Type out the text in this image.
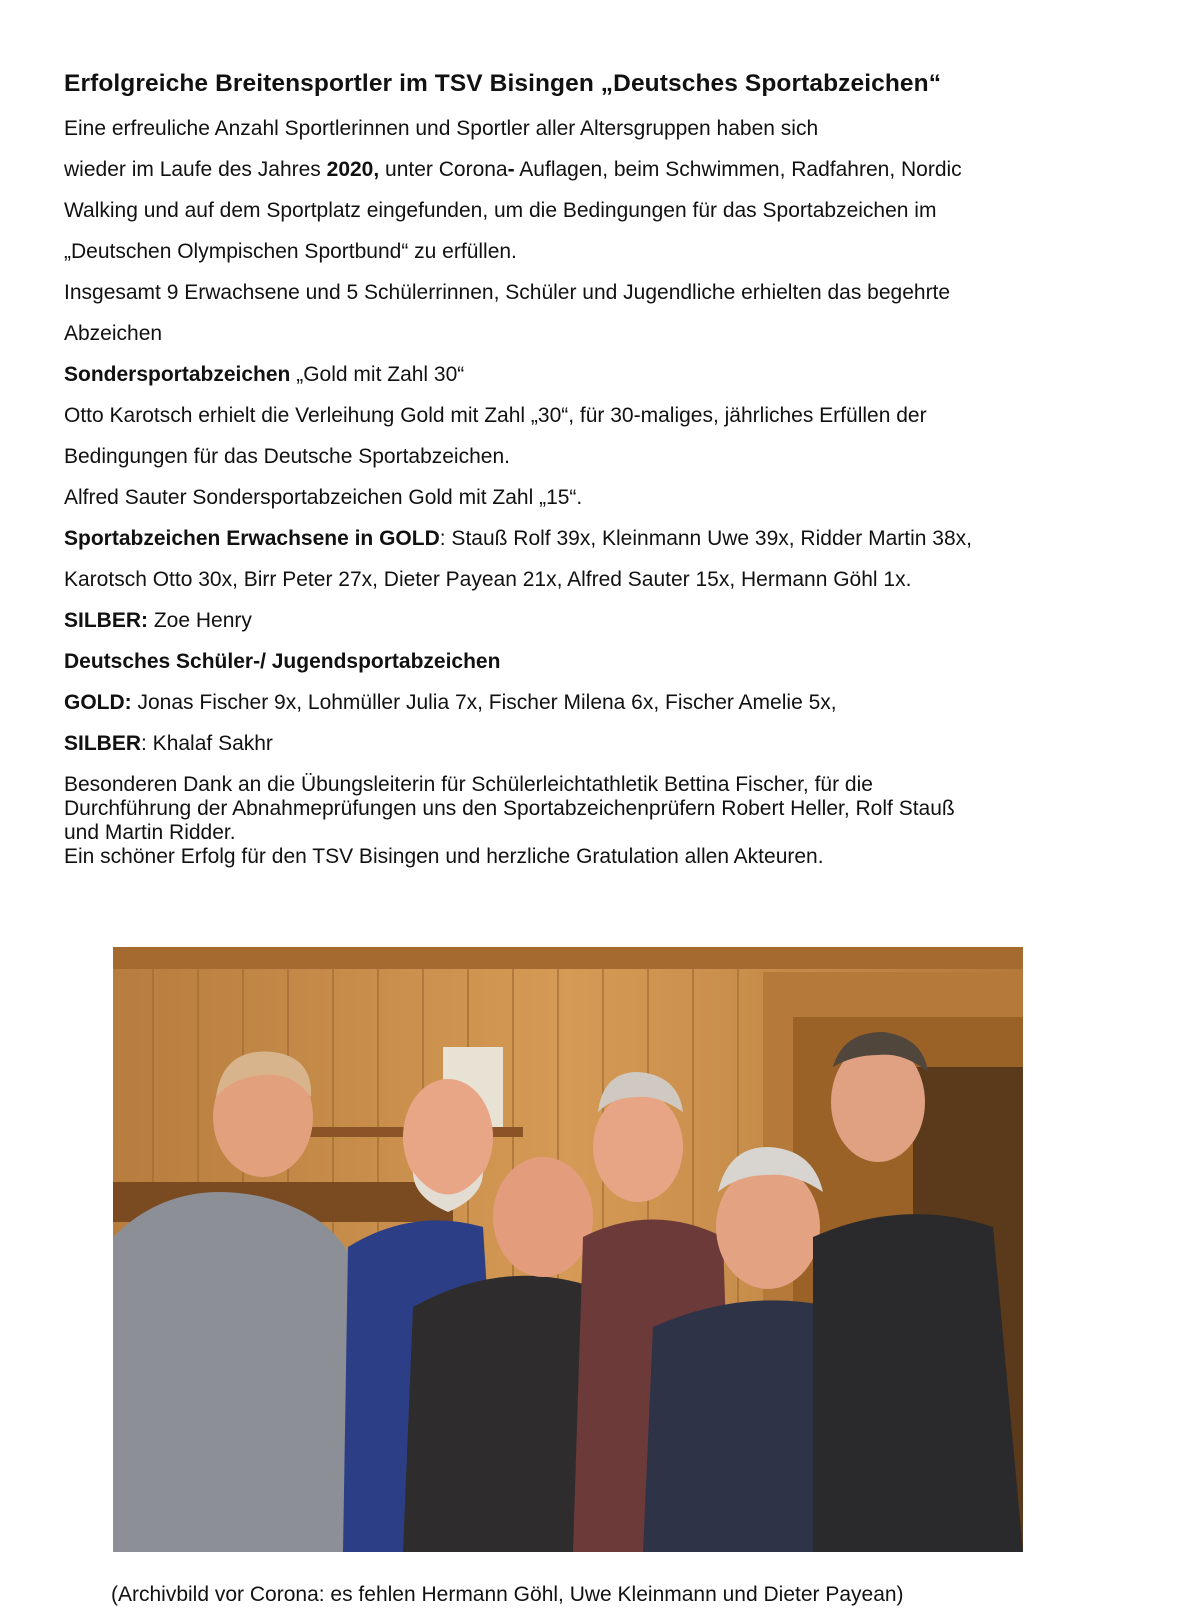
Erfolgreiche Breitensportler im TSV Bisingen „Deutsches Sportabzeichen“
Eine erfreuliche Anzahl Sportlerinnen und Sportler aller Altersgruppen haben sich
wieder im Laufe des Jahres 2020, unter Corona- Auflagen, beim Schwimmen, Radfahren, Nordic
Walking und auf dem Sportplatz eingefunden, um die Bedingungen für das Sportabzeichen im
„Deutschen Olympischen Sportbund“ zu erfüllen.
Insgesamt 9 Erwachsene und 5 Schülerrinnen, Schüler und Jugendliche erhielten das begehrte
Abzeichen
Sondersportabzeichen „Gold mit Zahl 30“
Otto Karotsch erhielt die Verleihung Gold mit Zahl „30“, für 30-maliges, jährliches Erfüllen der
Bedingungen für das Deutsche Sportabzeichen.
Alfred Sauter Sondersportabzeichen Gold mit Zahl „15“.
Sportabzeichen Erwachsene in GOLD: Stauß Rolf 39x, Kleinmann Uwe 39x, Ridder Martin 38x,
Karotsch Otto 30x, Birr Peter 27x, Dieter Payean 21x, Alfred Sauter 15x, Hermann Göhl 1x.
SILBER: Zoe Henry
Deutsches Schüler-/ Jugendsportabzeichen
GOLD: Jonas Fischer 9x, Lohmüller Julia 7x, Fischer Milena 6x, Fischer Amelie 5x,
SILBER: Khalaf Sakhr
Besonderen Dank an die Übungsleiterin für Schülerleichtathletik Bettina Fischer, für die
Durchführung der Abnahmeprüfungen uns den Sportabzeichenprüfern Robert Heller, Rolf Stauß
und Martin Ridder.
Ein schöner Erfolg für den TSV Bisingen und herzliche Gratulation allen Akteuren.
(Archivbild vor Corona: es fehlen Hermann Göhl, Uwe Kleinmann und Dieter Payean)
